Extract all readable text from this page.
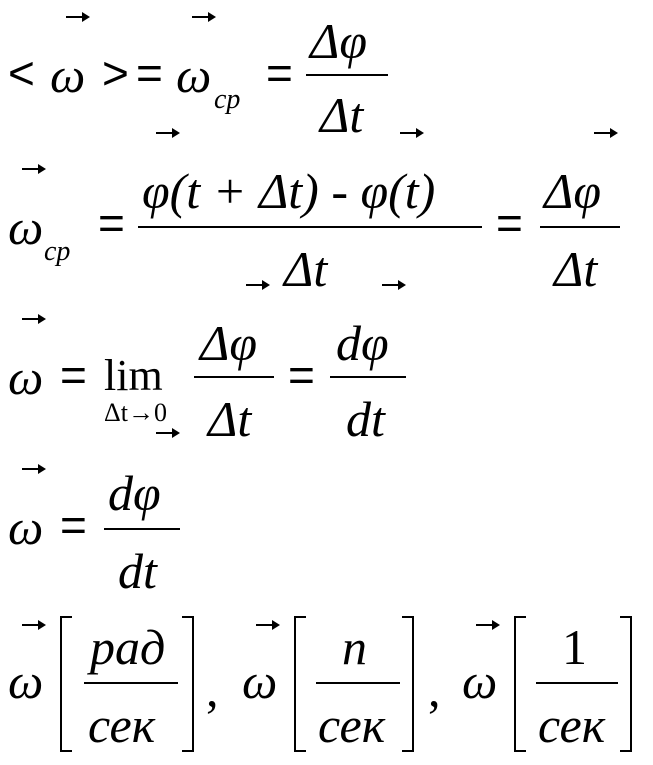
< ω > = ω cp
=
Δφ
Δt
ω cp
=
φ(t + Δt) - φ(t)
Δt
=
Δφ
Δt
ω = lim
Δt→0
Δφ
Δt
=
dφ
dt
ω =
dφ
dt
ω
рад
сек
, ω
n
сек
, ω
1
сек
